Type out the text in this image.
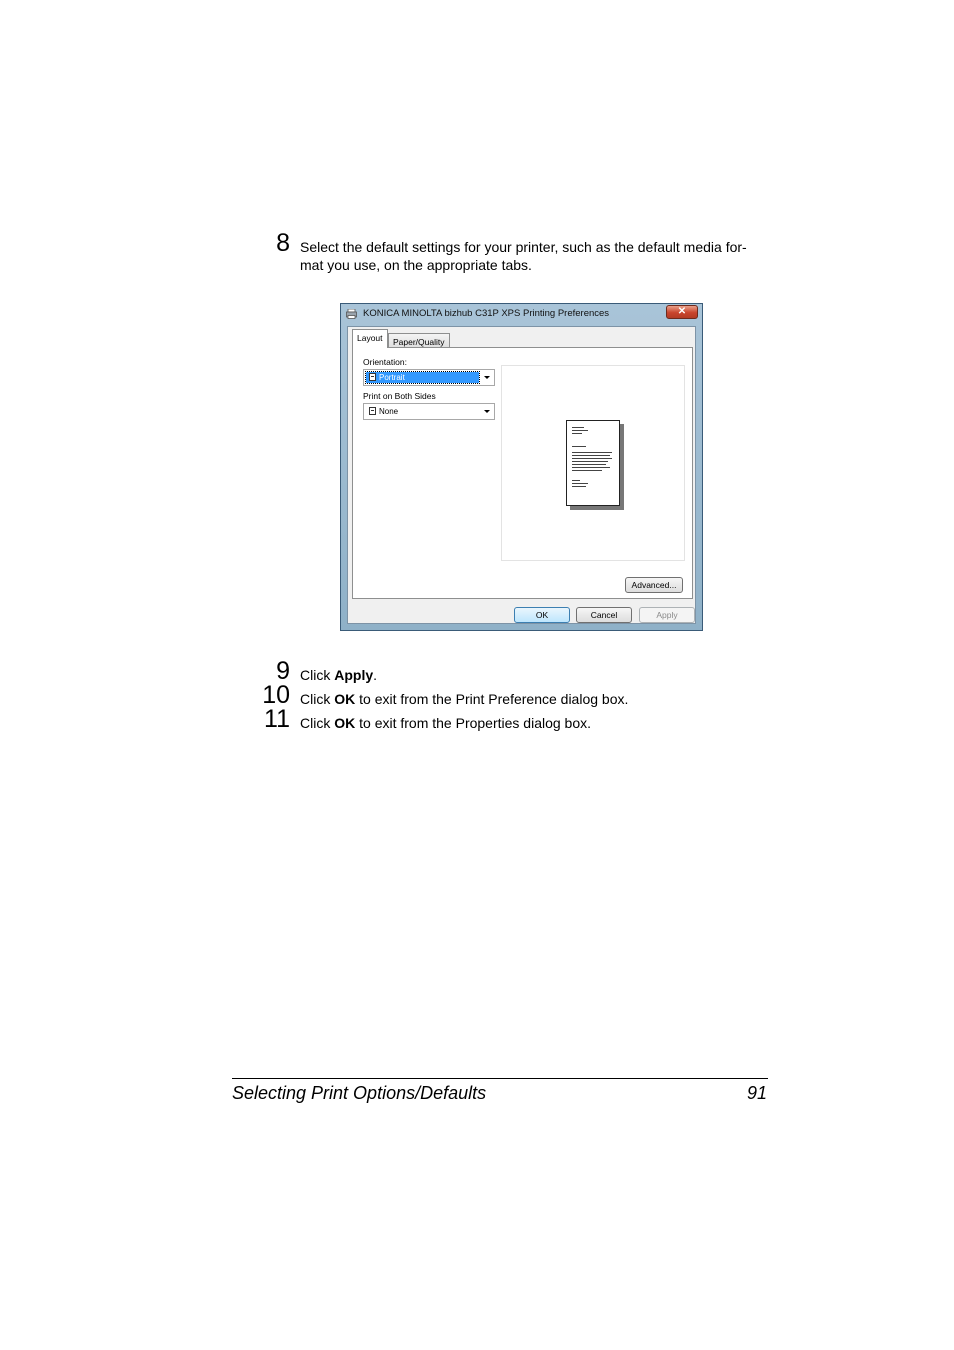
8 Select the default settings for your printer, such as the default media for-mat you use, on the appropriate tabs.
KONICA MINOLTA bizhub C31P XPS Printing Preferences	✕
Layout	Paper/Quality
Orientation:
Portrait
Print on Both Sides
None
Advanced...
OK	Cancel	Apply
9 Click Apply.
10 Click OK to exit from the Print Preference dialog box.
11 Click OK to exit from the Properties dialog box.
Selecting Print Options/Defaults	91
